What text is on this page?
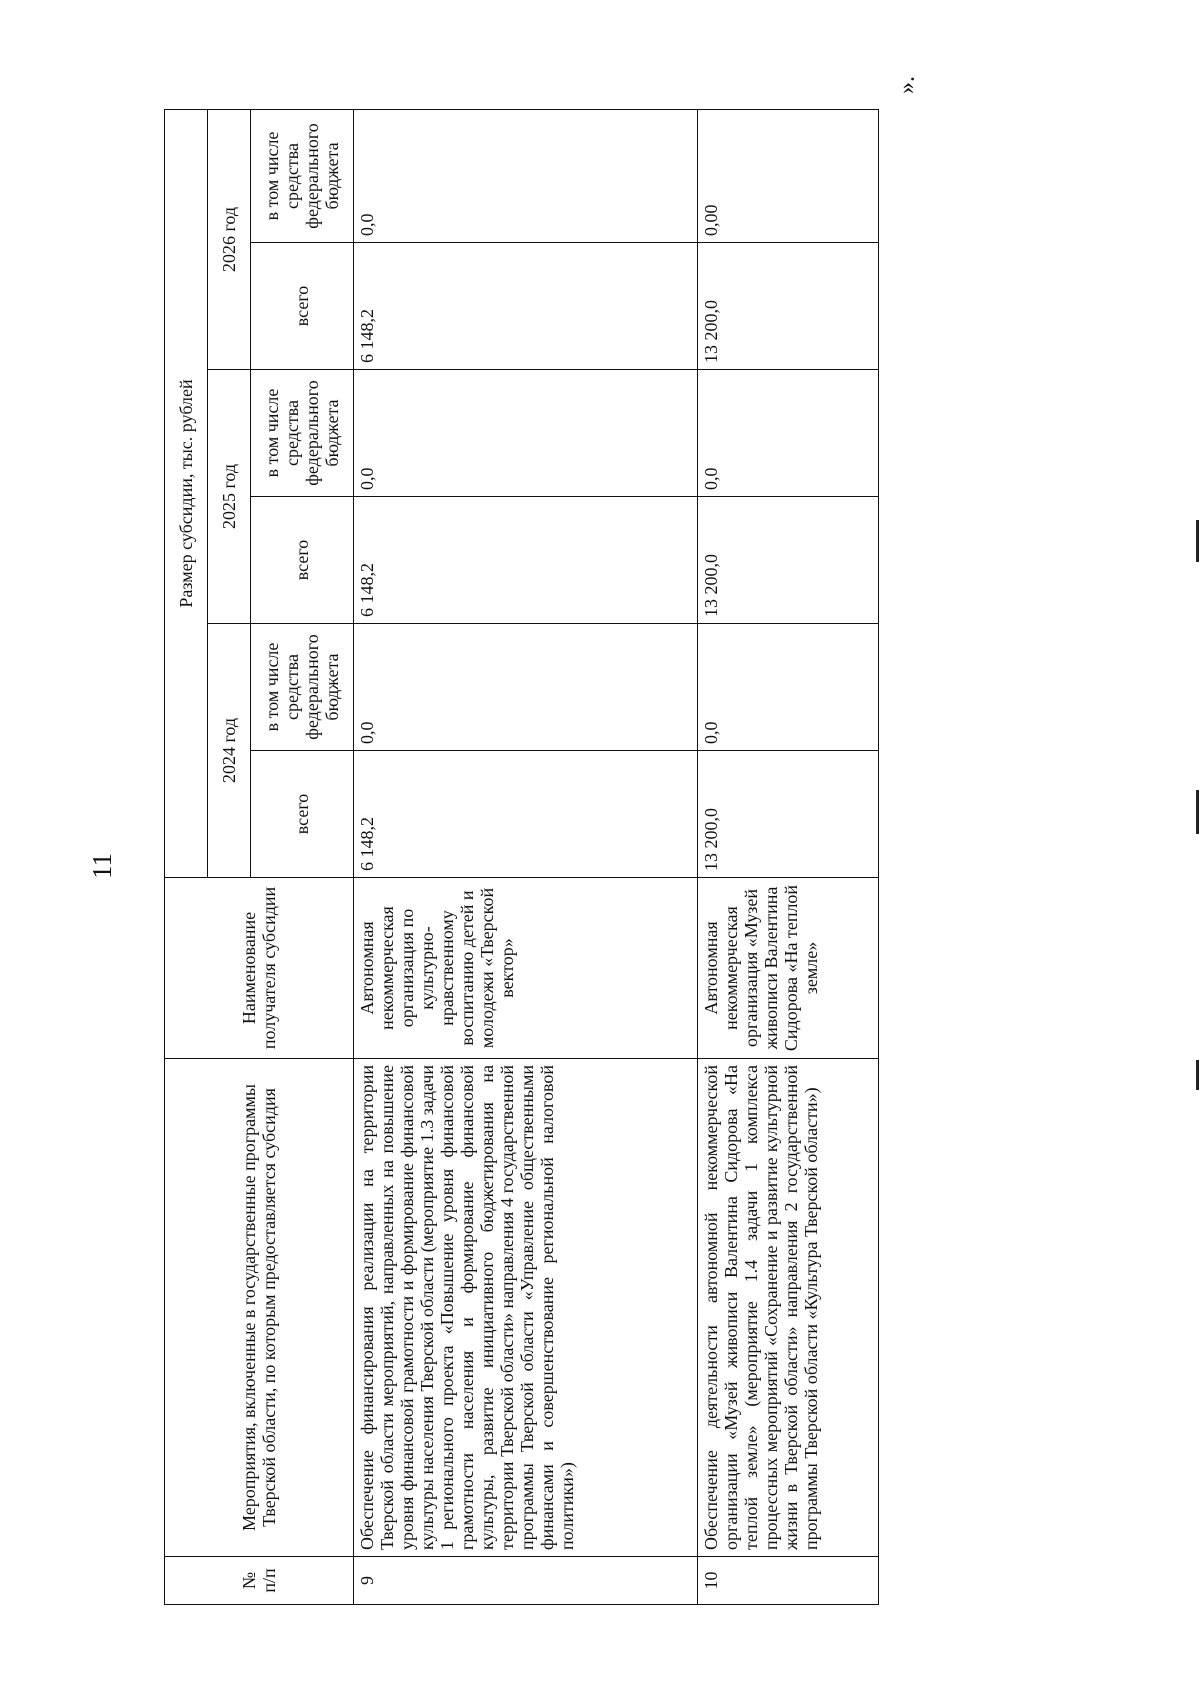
11
».
№ п/п	Мероприятия, включенные в государственные программы Тверской области, по которым предоставляется субсидия	Наименование получателя субсидии	Размер субсидии, тыс. рублей					
			2024 год		2025 год		2026 год	
			всего	в том числе средства федерального бюджета	всего	в том числе средства федерального бюджета	всего	в том числе средства федерального бюджета
9	Обеспечение финансирования реализации на территории Тверской области мероприятий, направленных на повышение уровня финансовой грамотности и формирование финансовой культуры населения Тверской области (мероприятие 1.3 задачи 1 регионального проекта «Повышение уровня финансовой грамотности населения и формирование финансовой культуры, развитие инициативного бюджетирования на территории Тверской области» направления 4 государственной программы Тверской области «Управление общественными финансами и совершенствование региональной налоговой политики»)	Автономная некоммерческая организация по культурно-нравственному воспитанию детей и молодежи «Тверской вектор»	6 148,2	0,0	6 148,2	0,0	6 148,2	0,0
10	Обеспечение деятельности автономной некоммерческой организации «Музей живописи Валентина Сидорова «На теплой земле» (мероприятие 1.4 задачи 1 комплекса процессных мероприятий «Сохранение и развитие культурной жизни в Тверской области» направления 2 государственной программы Тверской области «Культура Тверской области»)	Автономная некоммерческая организация «Музей живописи Валентина Сидорова «На теплой земле»	13 200,0	0,0	13 200,0	0,0	13 200,0	0,00
